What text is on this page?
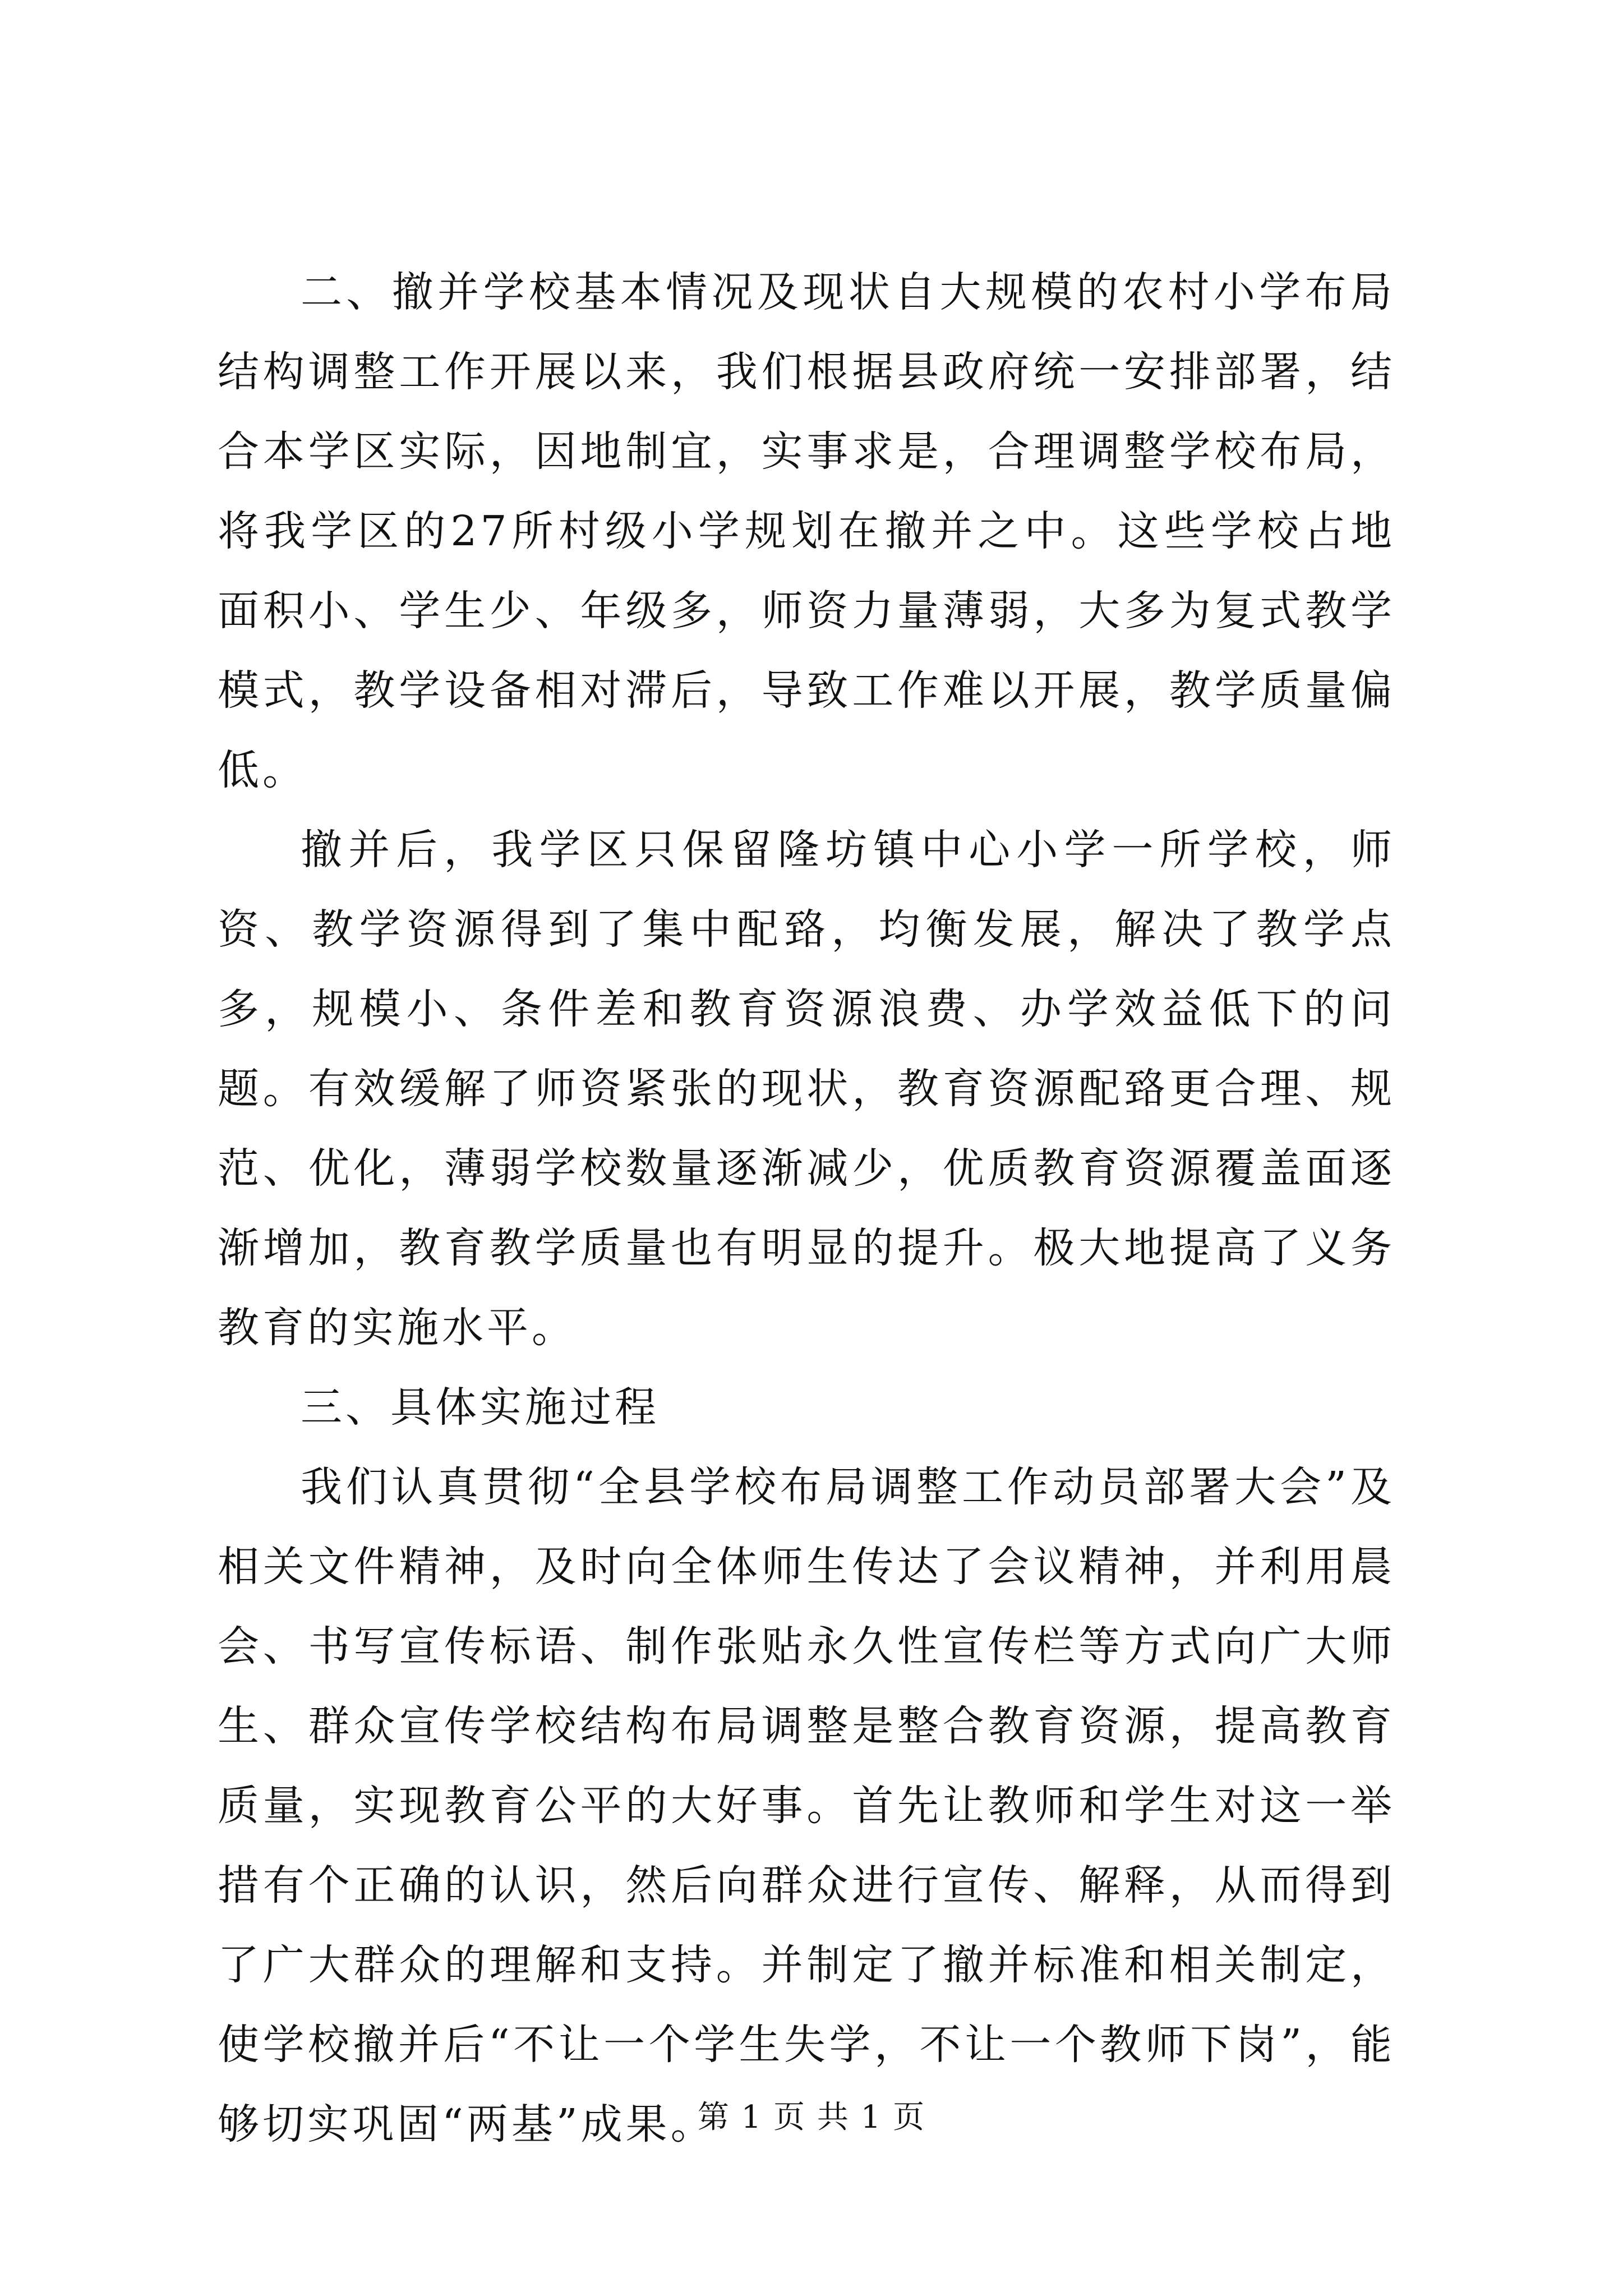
二、撤并学校基本情况及现状自大规模的农村小学布局结构调整工作开展以来，我们根据县政府统一安排部署，结合本学区实际，因地制宜，实事求是，合理调整学校布局，将我学区的27所村级小学规划在撤并之中。这些学校占地面积小、学生少、年级多，师资力量薄弱，大多为复式教学模式，教学设备相对滞后，导致工作难以开展，教学质量偏低。

撤并后，我学区只保留隆坊镇中心小学一所学校，师资、教学资源得到了集中配臵，均衡发展，解决了教学点多，规模小、条件差和教育资源浪费、办学效益低下的问题。有效缓解了师资紧张的现状，教育资源配臵更合理、规范、优化，薄弱学校数量逐渐减少，优质教育资源覆盖面逐渐增加，教育教学质量也有明显的提升。极大地提高了义务教育的实施水平。

三、具体实施过程

我们认真贯彻“全县学校布局调整工作动员部署大会”及相关文件精神，及时向全体师生传达了会议精神，并利用晨会、书写宣传标语、制作张贴永久性宣传栏等方式向广大师生、群众宣传学校结构布局调整是整合教育资源，提高教育质量，实现教育公平的大好事。首先让教师和学生对这一举措有个正确的认识，然后向群众进行宣传、解释，从而得到了广大群众的理解和支持。并制定了撤并标准和相关制定，使学校撤并后“不让一个学生失学，不让一个教师下岗”，能够切实巩固“两基”成果。

第 1 页 共 1 页
